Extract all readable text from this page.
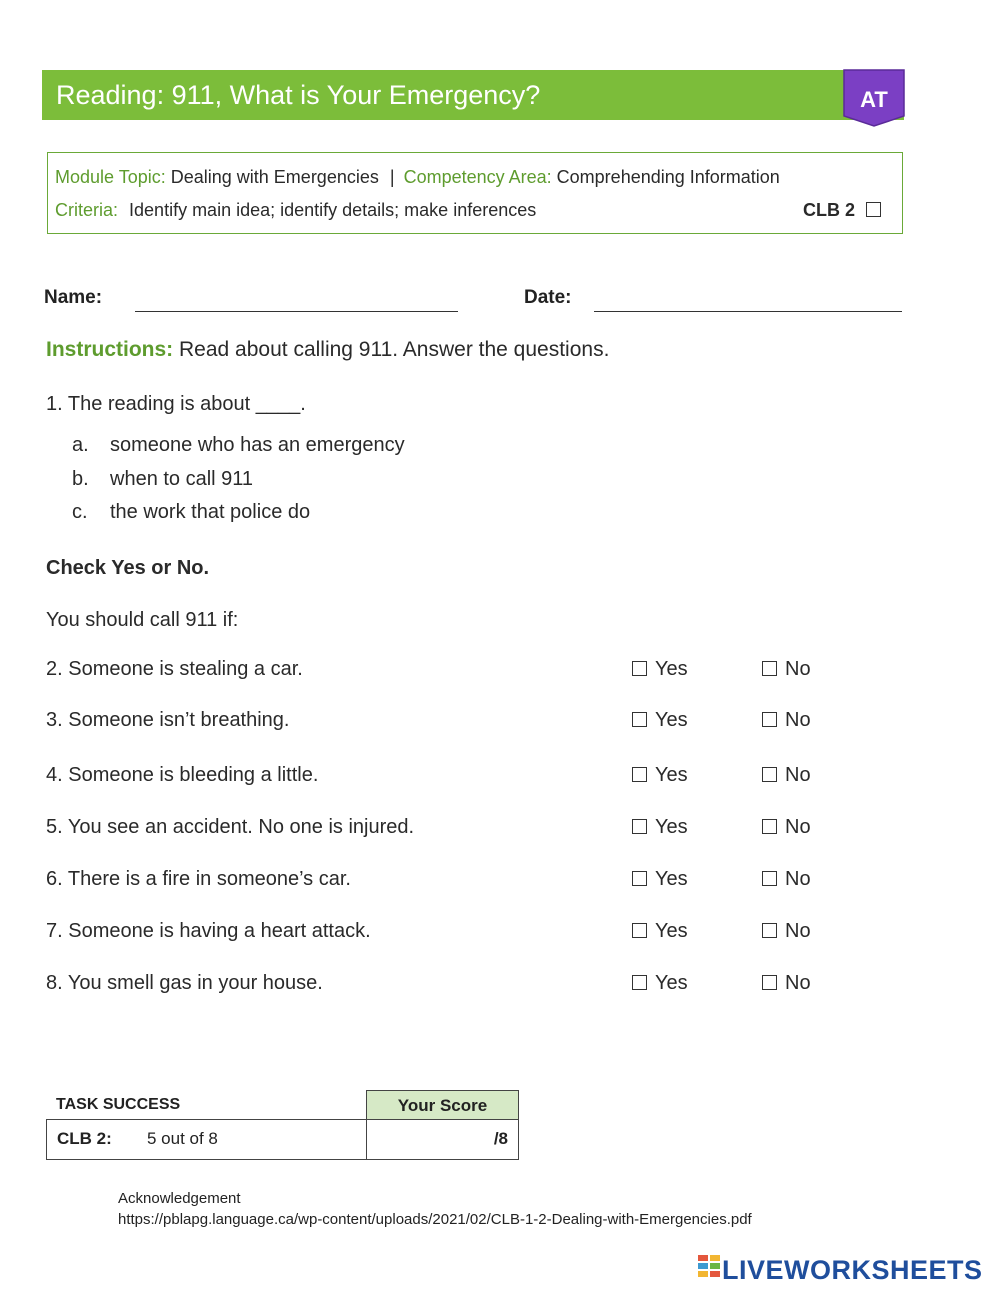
Reading: 911, What is Your Emergency?	AT
Module Topic: Dealing with Emergencies | Competency Area: Comprehending Information
Criteria: Identify main idea; identify details; make inferences	CLB 2
Name:	Date:
Instructions: Read about calling 911. Answer the questions.
1. The reading is about ____.
a. someone who has an emergency
b. when to call 911
c. the work that police do
Check Yes or No.
You should call 911 if:
2. Someone is stealing a car.	Yes	No
3. Someone isn’t breathing.	Yes	No
4. Someone is bleeding a little.	Yes	No
5. You see an accident. No one is injured.	Yes	No
6. There is a fire in someone’s car.	Yes	No
7. Someone is having a heart attack.	Yes	No
8. You smell gas in your house.	Yes	No
TASK SUCCESS	Your Score
CLB 2: 5 out of 8	/8
Acknowledgement
https://pblapg.language.ca/wp-content/uploads/2021/02/CLB-1-2-Dealing-with-Emergencies.pdf
LIVEWORKSHEETS
